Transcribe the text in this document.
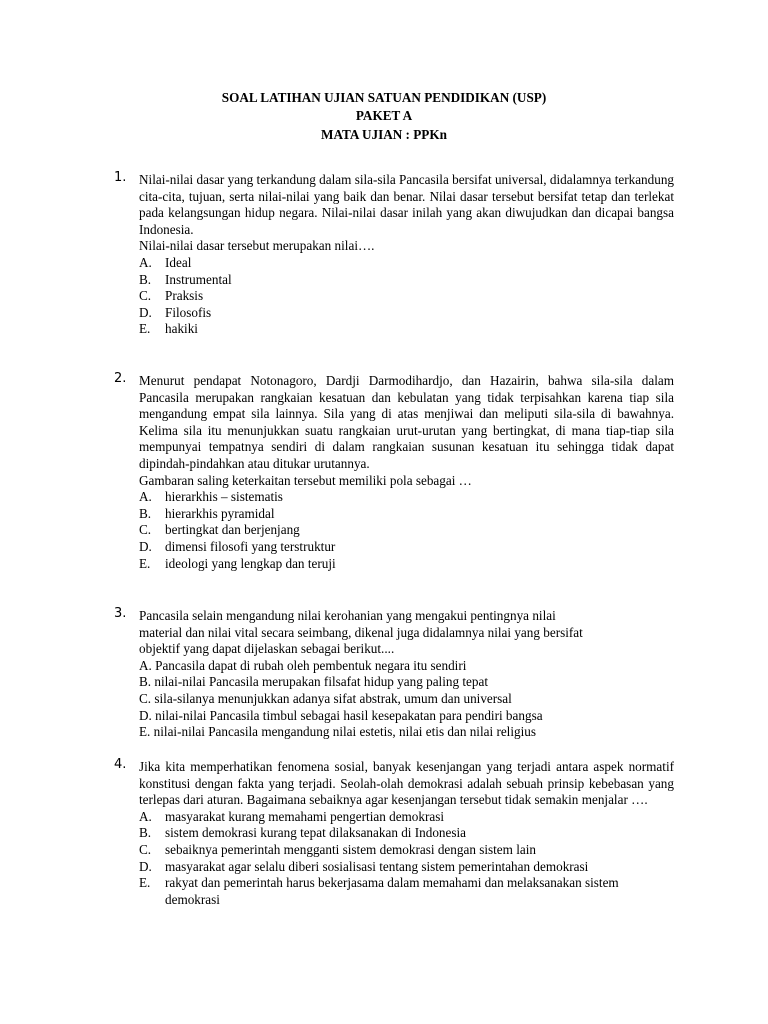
SOAL LATIHAN UJIAN SATUAN PENDIDIKAN (USP)
PAKET A
MATA UJIAN : PPKn
1. Nilai-nilai dasar yang terkandung dalam sila-sila Pancasila bersifat universal, didalamnya terkandung cita-cita, tujuan, serta nilai-nilai yang baik dan benar. Nilai dasar tersebut bersifat tetap dan terlekat pada kelangsungan hidup negara. Nilai-nilai dasar inilah yang akan diwujudkan dan dicapai bangsa Indonesia.
Nilai-nilai dasar tersebut merupakan nilai….
A. Ideal
B.	Instrumental
C.	Praksis
D. Filosofis
E.	hakiki
2. Menurut pendapat Notonagoro, Dardji Darmodihardjo, dan Hazairin, bahwa sila-sila dalam Pancasila merupakan rangkaian kesatuan dan kebulatan yang tidak terpisahkan karena tiap sila mengandung empat sila lainnya. Sila yang di atas menjiwai dan meliputi sila-sila di bawahnya. Kelima sila itu menunjukkan suatu rangkaian urut-urutan yang bertingkat, di mana tiap-tiap sila mempunyai tempatnya sendiri di dalam rangkaian susunan kesatuan itu sehingga tidak dapat dipindah-pindahkan atau ditukar urutannya.
Gambaran saling keterkaitan tersebut memiliki pola sebagai …
A. hierarkhis – sistematis
B.	hierarkhis pyramidal
C.	bertingkat dan berjenjang
D. dimensi filosofi yang terstruktur
E.	ideologi yang lengkap dan teruji
3. Pancasila selain mengandung nilai kerohanian yang mengakui pentingnya nilai
material dan nilai vital secara seimbang, dikenal juga didalamnya nilai yang bersifat
objektif yang dapat dijelaskan sebagai berikut....
A. Pancasila dapat di rubah oleh pembentuk negara itu sendiri
B. nilai-nilai Pancasila merupakan filsafat hidup yang paling tepat
C. sila-silanya menunjukkan adanya sifat abstrak, umum dan universal
D. nilai-nilai Pancasila timbul sebagai hasil kesepakatan para pendiri bangsa
E. nilai-nilai Pancasila mengandung nilai estetis, nilai etis dan nilai religius
4. Jika kita memperhatikan fenomena sosial, banyak kesenjangan yang terjadi antara aspek normatif konstitusi dengan fakta yang terjadi. Seolah-olah demokrasi adalah sebuah prinsip kebebasan yang terlepas dari aturan. Bagaimana sebaiknya agar kesenjangan tersebut tidak semakin menjalar ….
A. masyarakat kurang memahami pengertian demokrasi
B.	sistem demokrasi kurang tepat dilaksanakan di Indonesia
C.	sebaiknya pemerintah mengganti sistem demokrasi dengan sistem lain
D. masyarakat agar selalu diberi sosialisasi tentang sistem pemerintahan demokrasi
E.	rakyat dan pemerintah harus bekerjasama dalam memahami dan melaksanakan sistem demokrasi
